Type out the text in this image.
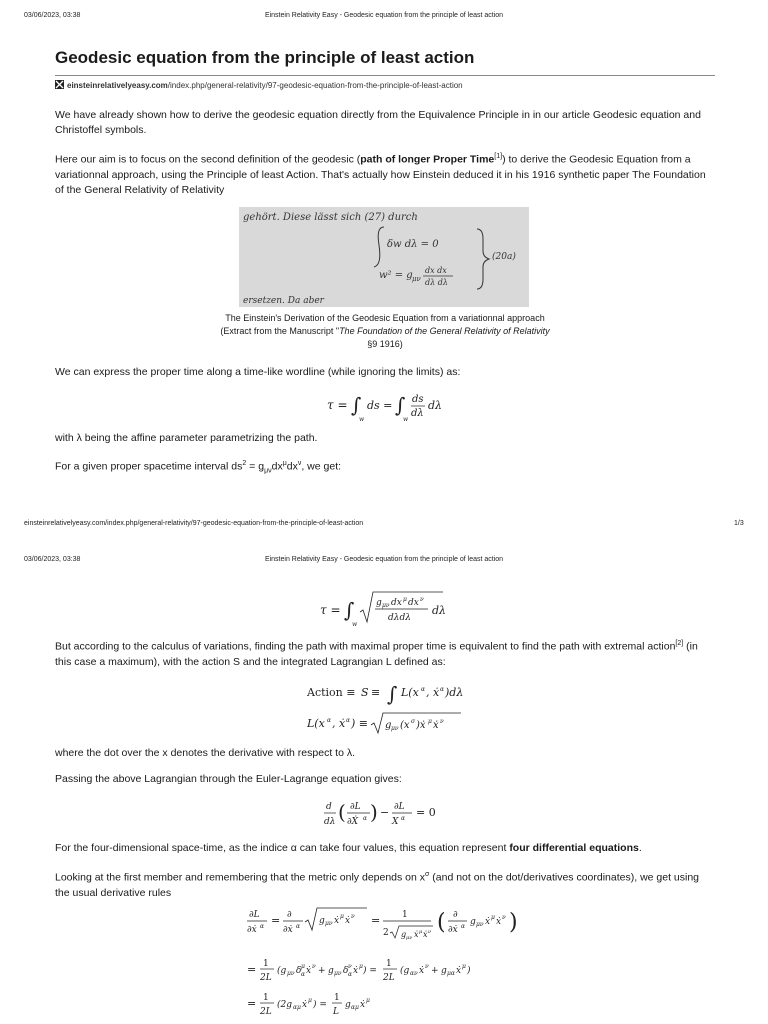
03/06/2023, 03:38	Einstein Relativity Easy - Geodesic equation from the principle of least action
Geodesic equation from the principle of least action
einsteinrelativelyeasy.com/index.php/general-relativity/97-geodesic-equation-from-the-principle-of-least-action

We have already shown how to derive the geodesic equation directly from the Equivalence Principle in in our article Geodesic equation and Christoffel symbols.

Here our aim is to focus on the second definition of the geodesic (path of longer Proper Time[1]) to derive the Geodesic Equation from a variationnal approach, using the Principle of least Action. That's actually how Einstein deduced it in his 1916 synthetic paper The Foundation of the General Relativity of Relativity

gehört. Diese lässt sich (27) durch
δw dλ = 0
w² = g μν
dx dx
dλ dλ
(20a)
ersetzen. Da aber
The Einstein's Derivation of the Geodesic Equation from a variationnal approach (Extract from the Manuscript "The Foundation of the General Relativity of Relativity §9 1916)

We can express the proper time along a time-like wordline (while ignoring the limits) as:

τ = ∫
w
ds = ∫
w
ds
dλ
dλ

with λ being the affine parameter parametrizing the path.

For a given proper spacetime interval $ds^2 = g_{\mu\nu}dx^\mu dx^\nu$, we get:

einsteinrelativelyeasy.com/index.php/general-relativity/97-geodesic-equation-from-the-principle-of-least-action	1/3
03/06/2023, 03:38	Einstein Relativity Easy - Geodesic equation from the principle of least action
τ = ∫
w
g μν dx μ dx ν
dλdλ
dλ

But according to the calculus of variations, finding the path with maximal proper time is equivalent to find the path with extremal action[2] (in this case a maximum), with the action S and the integrated Lagrangian L defined as:

Action ≡ S ≡ ∫ L(x α , ẋ α )dλ
L(x α , ẋ α ) ≡ g μν (x σ )ẋ μ ẋ ν

where the dot over the x denotes the derivative with respect to λ.

Passing the above Lagrangian through the Euler-Lagrange equation gives:

d
dλ ( ∂L
∂Ẋ α ) − ∂L
X α = 0

For the four-dimensional space-time, as the indice α can take four values, this equation represent four differential equations.

Looking at the first member and remembering that the metric only depends on $x^\sigma$ (and not on the dot/derivatives coordinates), we get using the usual derivative rules

∂L
∂ẋ α = ∂
∂ẋ α
g μν ẋ μ ẋ ν = 1
2 g μν ẋ μ ẋ ν ( ∂
∂ẋ α g μν ẋ μ ẋ ν )
= 1
2L
(g μν δ μ
α ẋ ν + g μν δ ν
α ẋ μ ) =
1
2L
(g αν ẋ ν + g μα ẋ μ )
= 1
2L
(2g αμ ẋ μ ) =
1
L
g αμ ẋ μ
